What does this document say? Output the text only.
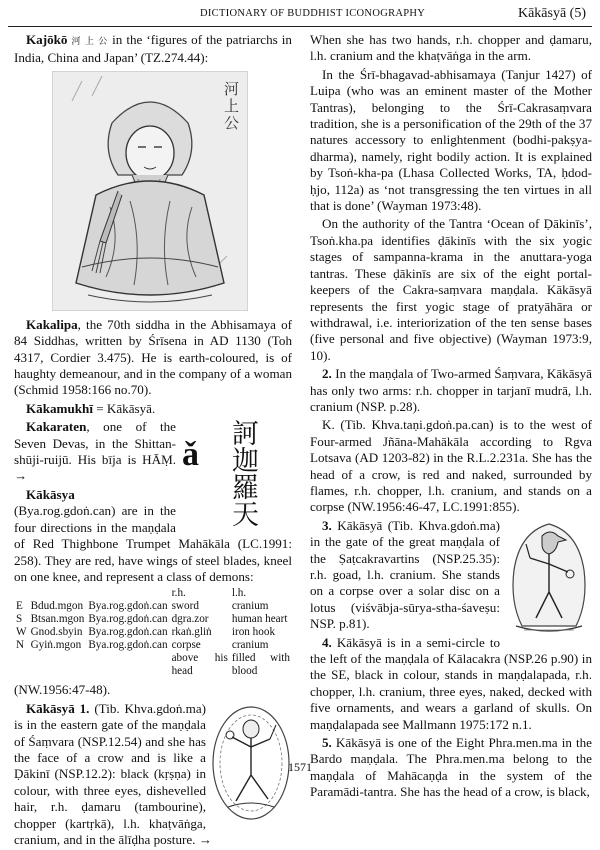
DICTIONARY OF BUDDHIST ICONOGRAPHY	Kākāsyā (5)

Kajōkō 河 上 公 in the ‘figures of the patriarchs in India, China and Japan’ (TZ.274.44):

河上公

Kakalipa, the 70th siddha in the Abhisamaya of 84 Siddhas, written by Śrīsena in AD 1130 (Toh 4317, Cordier 3.475). He is earth-coloured, is of haughty demeanour, and in the company of a woman (Schmid 1958:166 no.70).

Kākamukhī = Kākāsyā.

ǎ
訶
迦
羅
天

Kakaraten, one of the Seven Devas, in the Shittan-shūji-ruijū. His bīja is HĀṂ. →

Kākāsya (Bya.rog.gdoṅ.can) are in the four directions in the maṇḍala of Red Thighbone Trumpet Mahākāla (LC.1991: 258). They are red, have wings of steel blades, kneel on one knee, and represent a class of demons:

			r.h.	l.h.
E	Bdud.mgon	Bya.rog.gdoṅ.can	sword	cranium
S	Btsan.mgon	Bya.rog.gdoṅ.can	dgra.zor	human heart
W	Gnod.sbyin	Bya.rog.gdoṅ.can	rkaṅ.gliṅ	iron hook
N	Gyiṅ.mgon	Bya.rog.gdoṅ.can	corpse above his head	cranium filled with blood

(NW.1956:47-48).

Kākāsyā 1. (Tib. Khva.gdoṅ.ma) is in the eastern gate of the maṇḍala of Śaṃvara (NSP.12.54) and she has the face of a crow and is like a Ḍākinī (NSP.12.2): black (kṛṣṇa) in colour, with three eyes, dishevelled hair, r.h. ḍamaru (tambourine), chopper (kartṛkā), l.h. khaṭvāṅga, cranium, and in the ālīḍha posture. →

When she has two hands, r.h. chopper and ḍamaru, l.h. cranium and the khaṭvāṅga in the arm.

In the Śrī-bhagavad-abhisamaya (Tanjur 1427) of Luipa (who was an eminent master of the Mother Tantras), belonging to the Śrī-Cakrasaṃvara tradition, she is a personification of the 29th of the 37 natures accessory to enlightenment (bodhi-pakṣya-dharma), namely, right bodily action. It is explained by Tsoṅ-kha-pa (Lhasa Collected Works, TA, ḥdod-ḥjo, 112a) as ‘not transgressing the ten virtues in all that is done’ (Wayman 1973:48).

On the authority of the Tantra ‘Ocean of Ḍākinīs’, Tsoṅ.kha.pa identifies ḍākinīs with the six yogic stages of sampanna-krama in the anuttara-yoga tantras. These ḍākinīs are six of the eight portal-keepers of the Cakra-saṃvara maṇḍala. Kākāsyā represents the first yogic stage of pratyāhāra or withdrawal, i.e. interiorization of the ten sense bases (five personal and five objective) (Wayman 1973:9, 10).

2. In the maṇḍala of Two-armed Śaṃvara, Kākāsyā has only two arms: r.h. chopper in tarjanī mudrā, l.h. cranium (NSP. p.28).

K. (Tib. Khva.taṇi.gdoṅ.pa.can) is to the west of Four-armed Jñāna-Mahākāla according to Rgva Lotsava (AD 1203-82) in the R.L.2.231a. She has the head of a crow, is red and naked, surrounded by flames, r.h. chopper, l.h. cranium, and stands on a corpse (NW.1956:46-47, LC.1991:855).

3. Kākāsyā (Tib. Khva.gdoṅ.ma) in the gate of the great maṇḍala of the Ṣaṭcakravartins (NSP.25.35): r.h. goad, l.h. cranium. She stands on a corpse over a solar disc on a lotus (viśvābja-sūrya-stha-śaveṣu: NSP. p.81).

4. Kākāsyā is in a semi-circle to the left of the maṇḍala of Kālacakra (NSP.26 p.90) in the SE, black in colour, stands in maṇḍalapada, r.h. chopper, l.h. cranium, three eyes, naked, decked with five ornaments, and wears a garland of skulls. On maṇḍalapada see Mallmann 1975:172 n.1.

5. Kākāsyā is one of the Eight Phra.men.ma in the Bardo maṇḍala. The Phra.men.ma belong to the maṇḍala of Mahācaṇḍa in the system of the Paramādi-tantra. She has the head of a crow, is black,

1571
